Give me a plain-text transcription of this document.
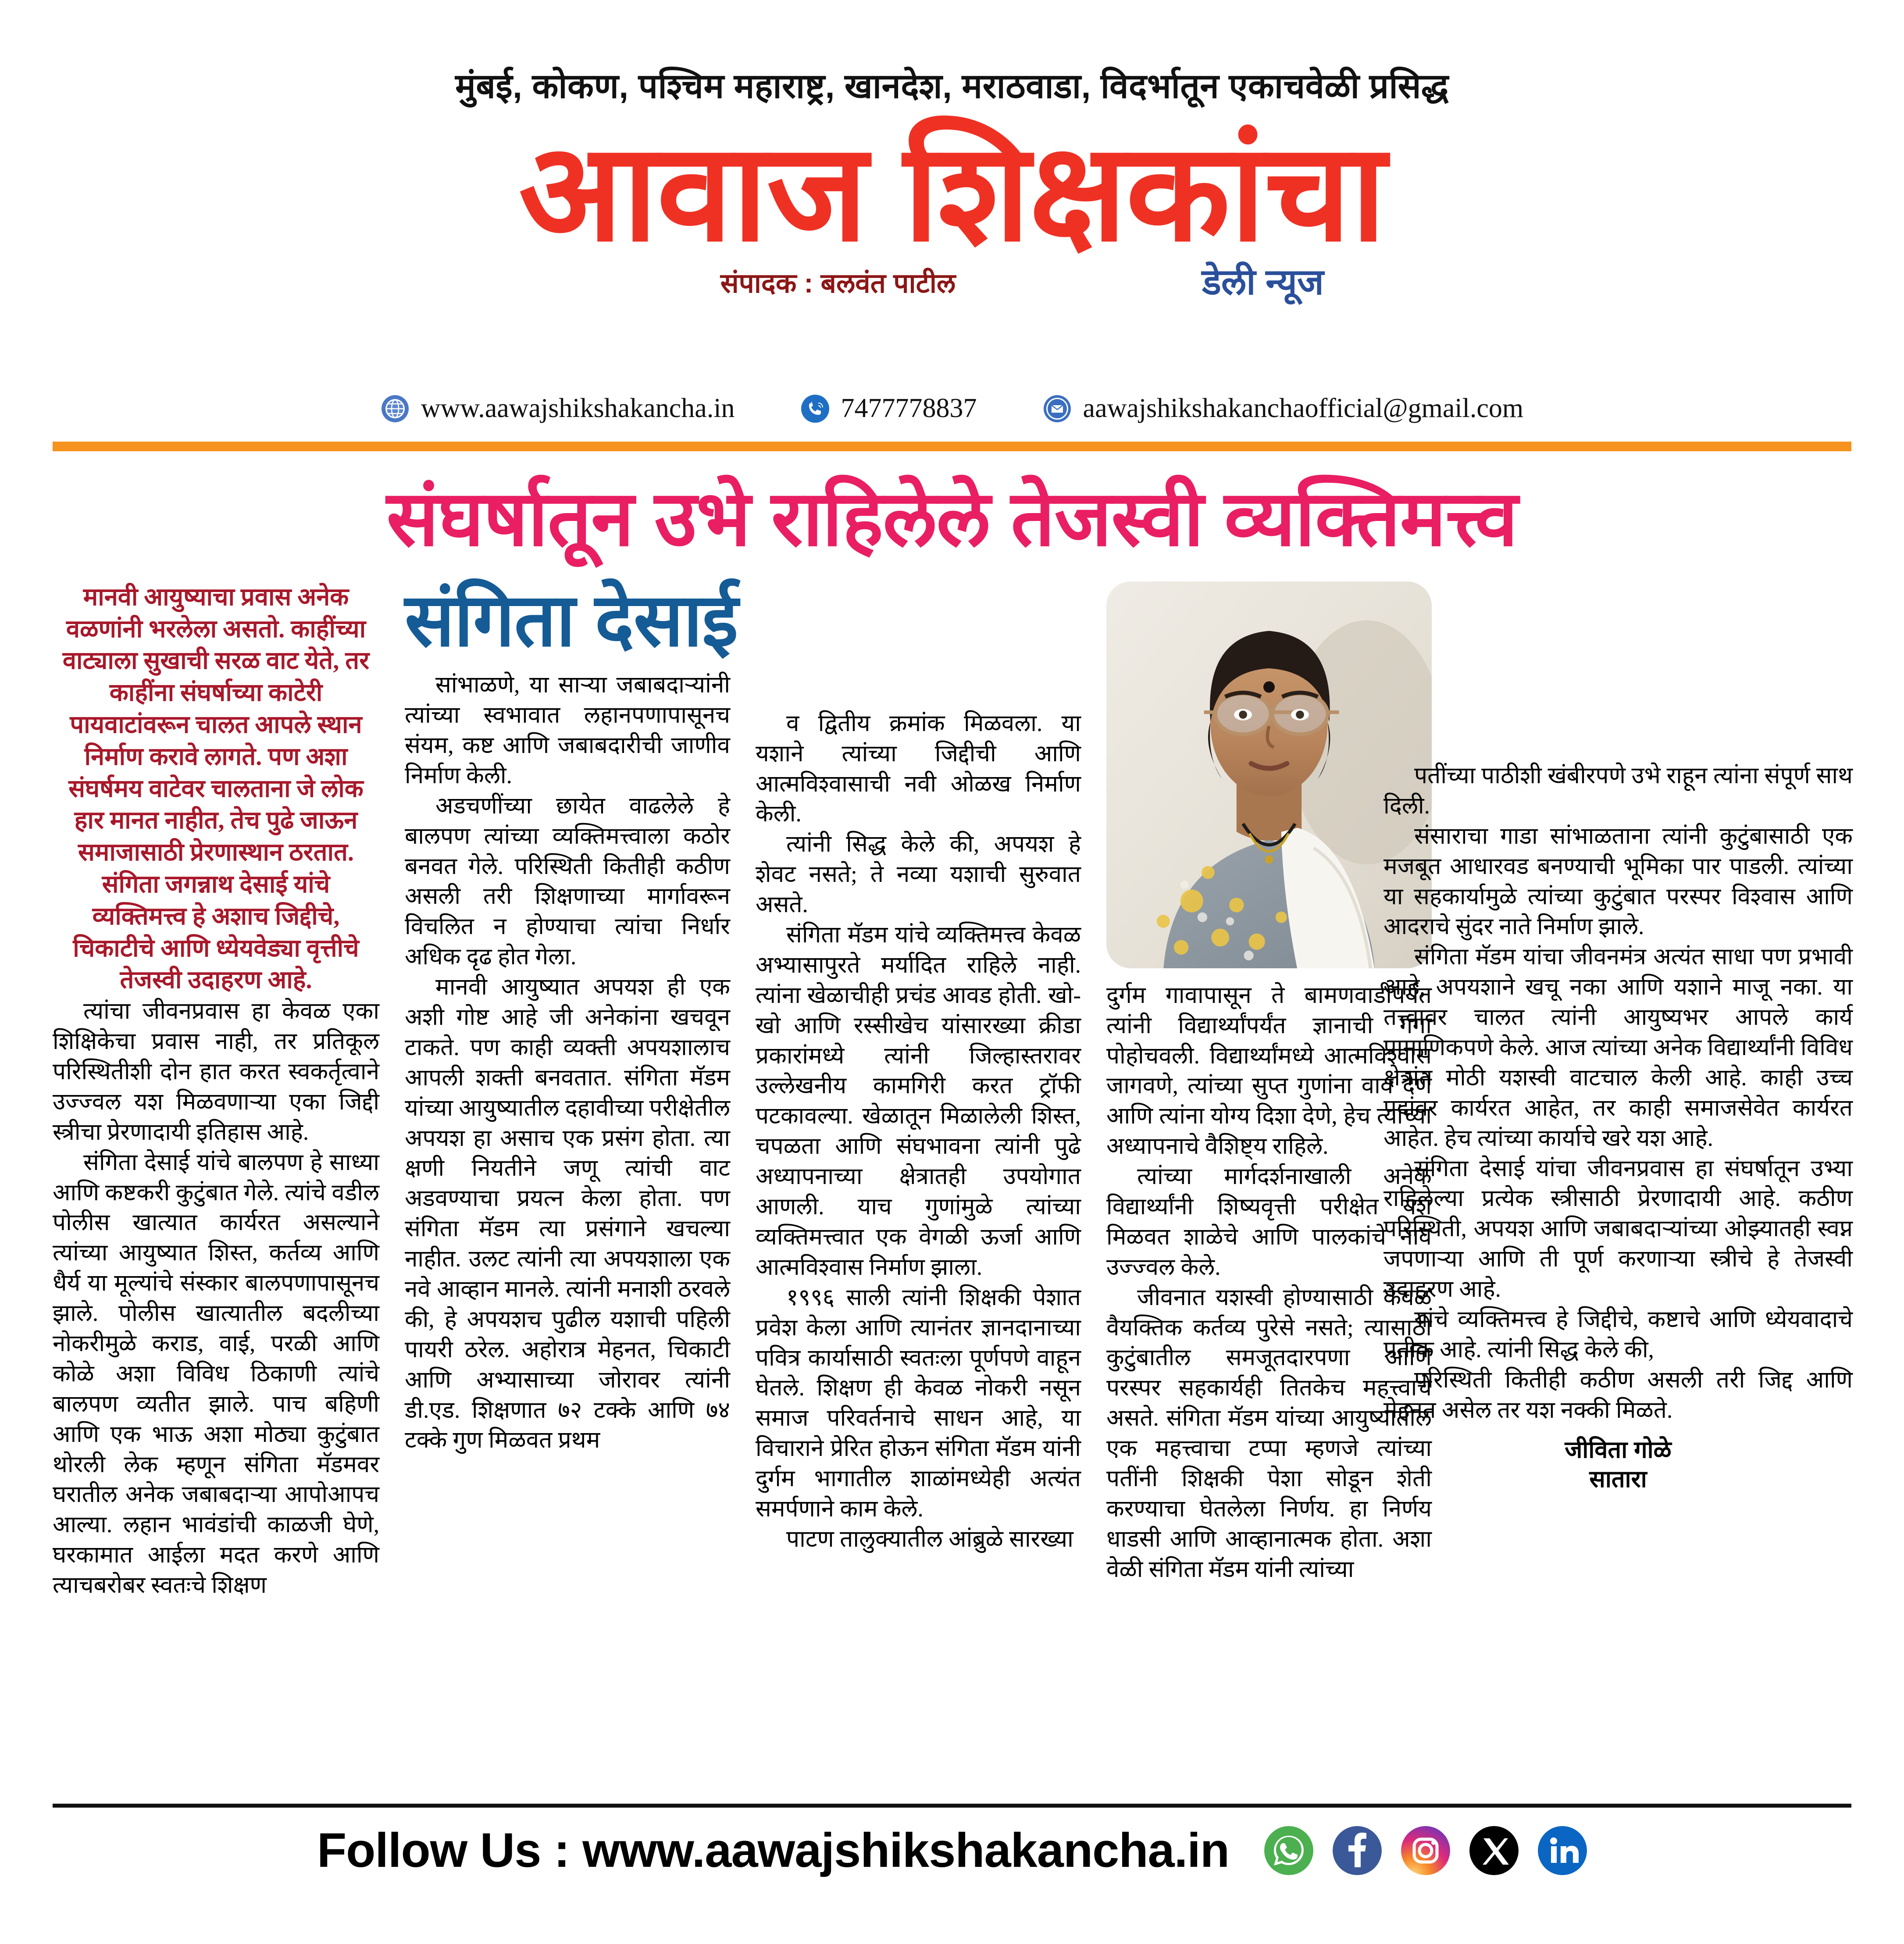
मुंबई, कोकण, पश्चिम महाराष्ट्र, खानदेश, मराठवाडा, विदर्भातून एकाचवेळी प्रसिद्ध
आवाज शिक्षकांचा
संपादक : बलवंत पाटील	डेली न्यूज
www.aawajshikshakancha.in	7477778837	aawajshikshakanchaofficial@gmail.com
संघर्षातून उभे राहिलेले तेजस्वी व्यक्तिमत्त्व
मानवी आयुष्याचा प्रवास अनेक वळणांनी भरलेला असतो. काहींच्या वाट्याला सुखाची सरळ वाट येते, तर काहींना संघर्षाच्या काटेरी पायवाटांवरून चालत आपले स्थान निर्माण करावे लागते. पण अशा संघर्षमय वाटेवर चालताना जे लोक हार मानत नाहीत, तेच पुढे जाऊन समाजासाठी प्रेरणास्थान ठरतात. संगिता जगन्नाथ देसाई यांचे व्यक्तिमत्त्व हे अशाच जिद्दीचे, चिकाटीचे आणि ध्येयवेड्या वृत्तीचे तेजस्वी उदाहरण आहे.

त्यांचा जीवनप्रवास हा केवळ एका शिक्षिकेचा प्रवास नाही, तर प्रतिकूल परिस्थितीशी दोन हात करत स्वकर्तृत्वाने उज्ज्वल यश मिळवणाऱ्या एका जिद्दी स्त्रीचा प्रेरणादायी इतिहास आहे.

संगिता देसाई यांचे बालपण हे साध्या आणि कष्टकरी कुटुंबात गेले. त्यांचे वडील पोलीस खात्यात कार्यरत असल्याने त्यांच्या आयुष्यात शिस्त, कर्तव्य आणि धैर्य या मूल्यांचे संस्कार बालपणापासूनच झाले. पोलीस खात्यातील बदलीच्या नोकरीमुळे कराड, वाई, परळी आणि कोळे अशा विविध ठिकाणी त्यांचे बालपण व्यतीत झाले. पाच बहिणी आणि एक भाऊ अशा मोठ्या कुटुंबात थोरली लेक म्हणून संगिता मॅडमवर घरातील अनेक जबाबदाऱ्या आपोआपच आल्या. लहान भावंडांची काळजी घेणे, घरकामात आईला मदत करणे आणि त्याचबरोबर स्वतःचे शिक्षण

संगिता देसाई

सांभाळणे, या साऱ्या जबाबदाऱ्यांनी त्यांच्या स्वभावात लहानपणापासूनच संयम, कष्ट आणि जबाबदारीची जाणीव निर्माण केली.

अडचणींच्या छायेत वाढलेले हे बालपण त्यांच्या व्यक्तिमत्त्वाला कठोर बनवत गेले. परिस्थिती कितीही कठीण असली तरी शिक्षणाच्या मार्गावरून विचलित न होण्याचा त्यांचा निर्धार अधिक दृढ होत गेला.

मानवी आयुष्यात अपयश ही एक अशी गोष्ट आहे जी अनेकांना खचवून टाकते. पण काही व्यक्ती अपयशालाच आपली शक्ती बनवतात. संगिता मॅडम यांच्या आयुष्यातील दहावीच्या परीक्षेतील अपयश हा असाच एक प्रसंग होता. त्या क्षणी नियतीने जणू त्यांची वाट अडवण्याचा प्रयत्न केला होता. पण संगिता मॅडम त्या प्रसंगाने खचल्या नाहीत. उलट त्यांनी त्या अपयशाला एक नवे आव्हान मानले. त्यांनी मनाशी ठरवले की, हे अपयशच पुढील यशाची पहिली पायरी ठरेल. अहोरात्र मेहनत, चिकाटी आणि अभ्यासाच्या जोरावर त्यांनी डी.एड. शिक्षणात ७२ टक्के आणि ७४ टक्के गुण मिळवत प्रथम

व द्वितीय क्रमांक मिळवला. या यशाने त्यांच्या जिद्दीची आणि आत्मविश्वासाची नवी ओळख निर्माण केली.

त्यांनी सिद्ध केले की, अपयश हे शेवट नसते; ते नव्या यशाची सुरुवात असते.

संगिता मॅडम यांचे व्यक्तिमत्त्व केवळ अभ्यासापुरते मर्यादित राहिले नाही. त्यांना खेळाचीही प्रचंड आवड होती. खो-खो आणि रस्सीखेच यांसारख्या क्रीडा प्रकारांमध्ये त्यांनी जिल्हास्तरावर उल्लेखनीय कामगिरी करत ट्रॉफी पटकावल्या. खेळातून मिळालेली शिस्त, चपळता आणि संघभावना त्यांनी पुढे अध्यापनाच्या क्षेत्रातही उपयोगात आणली. याच गुणांमुळे त्यांच्या व्यक्तिमत्त्वात एक वेगळी ऊर्जा आणि आत्मविश्वास निर्माण झाला.

१९९६ साली त्यांनी शिक्षकी पेशात प्रवेश केला आणि त्यानंतर ज्ञानदानाच्या पवित्र कार्यासाठी स्वतःला पूर्णपणे वाहून घेतले. शिक्षण ही केवळ नोकरी नसून समाज परिवर्तनाचे साधन आहे, या विचाराने प्रेरित होऊन संगिता मॅडम यांनी दुर्गम भागातील शाळांमध्येही अत्यंत समर्पणाने काम केले.

पाटण तालुक्यातील आंब्रुळे सारख्या

दुर्गम गावापासून ते बामणवाडीपर्यंत त्यांनी विद्यार्थ्यांपर्यंत ज्ञानाची गंगा पोहोचवली. विद्यार्थ्यांमध्ये आत्मविश्वास जागवणे, त्यांच्या सुप्त गुणांना वाव देणे आणि त्यांना योग्य दिशा देणे, हेच त्यांच्या अध्यापनाचे वैशिष्ट्य राहिले.

त्यांच्या मार्गदर्शनाखाली अनेक विद्यार्थ्यांनी शिष्यवृत्ती परीक्षेत यश मिळवत शाळेचे आणि पालकांचे नाव उज्ज्वल केले.

जीवनात यशस्वी होण्यासाठी केवळ वैयक्तिक कर्तव्य पुरेसे नसते; त्यासाठी कुटुंबातील समजूतदारपणा आणि परस्पर सहकार्यही तितकेच महत्त्वाचे असते. संगिता मॅडम यांच्या आयुष्यातील एक महत्त्वाचा टप्पा म्हणजे त्यांच्या पतींनी शिक्षकी पेशा सोडून शेती करण्याचा घेतलेला निर्णय. हा निर्णय धाडसी आणि आव्हानात्मक होता. अशा वेळी संगिता मॅडम यांनी त्यांच्या

पतींच्या पाठीशी खंबीरपणे उभे राहून त्यांना संपूर्ण साथ दिली.

संसाराचा गाडा सांभाळताना त्यांनी कुटुंबासाठी एक मजबूत आधारवड बनण्याची भूमिका पार पाडली. त्यांच्या या सहकार्यामुळे त्यांच्या कुटुंबात परस्पर विश्वास आणि आदराचे सुंदर नाते निर्माण झाले.

संगिता मॅडम यांचा जीवनमंत्र अत्यंत साधा पण प्रभावी आहे, अपयशाने खचू नका आणि यशाने माजू नका. या तत्त्वावर चालत त्यांनी आयुष्यभर आपले कार्य प्रामाणिकपणे केले. आज त्यांच्या अनेक विद्यार्थ्यांनी विविध क्षेत्रांत मोठी यशस्वी वाटचाल केली आहे. काही उच्च पदांवर कार्यरत आहेत, तर काही समाजसेवेत कार्यरत आहेत. हेच त्यांच्या कार्याचे खरे यश आहे.

संगिता देसाई यांचा जीवनप्रवास हा संघर्षातून उभ्या राहिलेल्या प्रत्येक स्त्रीसाठी प्रेरणादायी आहे. कठीण परिस्थिती, अपयश आणि जबाबदाऱ्यांच्या ओझ्यातही स्वप्न जपणाऱ्या आणि ती पूर्ण करणाऱ्या स्त्रीचे हे तेजस्वी उदाहरण आहे.

यांचे व्यक्तिमत्त्व हे जिद्दीचे, कष्टाचे आणि ध्येयवादाचे प्रतीक आहे. त्यांनी सिद्ध केले की,

परिस्थिती कितीही कठीण असली तरी जिद्द आणि मेहनत असेल तर यश नक्की मिळते.

जीविता गोळे
सातारा
Follow Us : www.aawajshikshakancha.in
